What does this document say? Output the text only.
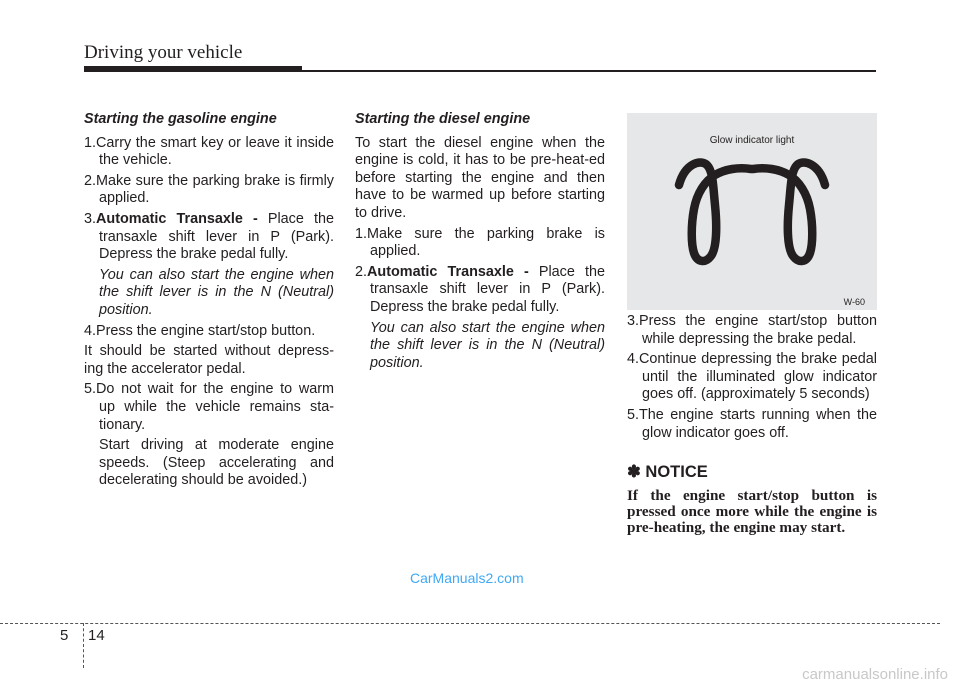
Driving your vehicle
Starting the gasoline engine
1.Carry the smart key or leave it inside the vehicle.
2.Make sure the parking brake is firmly applied.
3.Automatic Transaxle - Place the transaxle shift lever in P (Park). Depress the brake pedal fully.
You can also start the engine when the shift lever is in the N (Neutral) position.
4.Press the engine start/stop button.
It should be started without depress-ing the accelerator pedal.
5.Do not wait for the engine to warm up while the vehicle remains sta-tionary.
Start driving at moderate engine speeds. (Steep accelerating and decelerating should be avoided.)
Starting the diesel engine
To start the diesel engine when the engine is cold, it has to be pre-heat-ed before starting the engine and then have to be warmed up before starting to drive.
1.Make sure the parking brake is applied.
2.Automatic Transaxle - Place the transaxle shift lever in P (Park). Depress the brake pedal fully.
You can also start the engine when the shift lever is in the N (Neutral) position.
Glow indicator light
W-60
3.Press the engine start/stop button while depressing the brake pedal.
4.Continue depressing the brake pedal until the illuminated glow indicator goes off. (approximately 5 seconds)
5.The engine starts running when the glow indicator goes off.
✽ NOTICE
If the engine start/stop button is pressed once more while the engine is pre-heating, the engine may start.
CarManuals2.com
5 14
carmanualsonline.info
